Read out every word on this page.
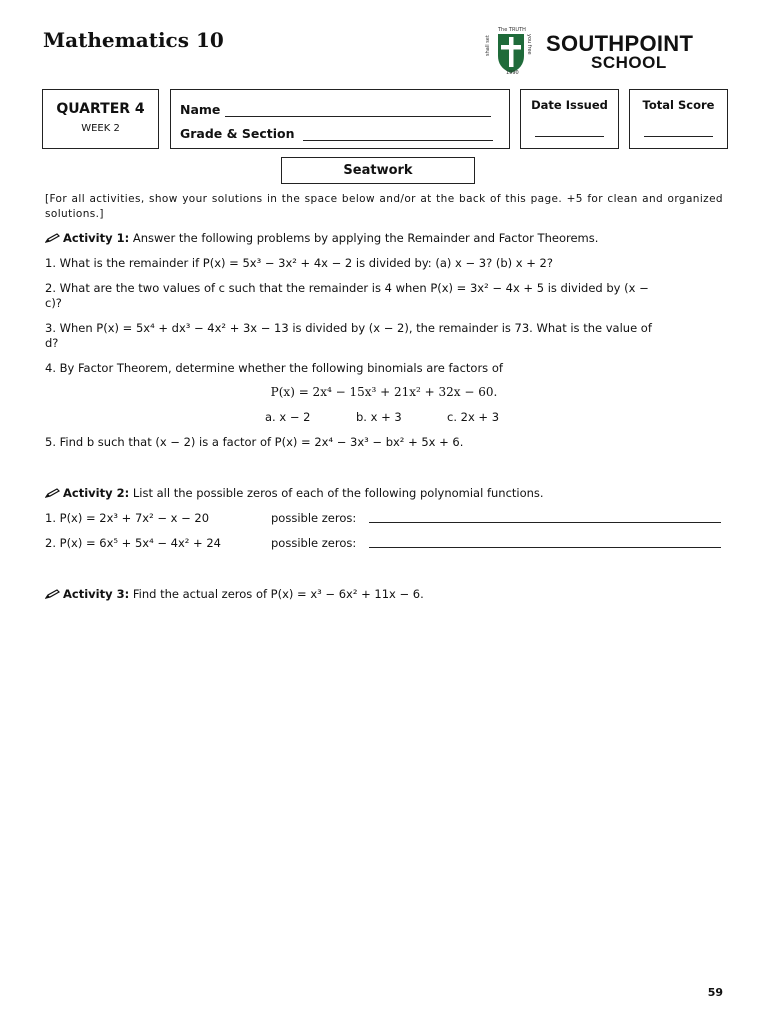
Mathematics 10	The TRUTH
shall set	you free
1990
SOUTHPOINT
SCHOOL
QUARTER 4
WEEK 2
Name
Grade & Section
Date Issued	Total Score
Seatwork
[For all activities, show your solutions in the space below and/or at the back of this page. +5 for clean and organized solutions.]
Activity 1: Answer the following problems by applying the Remainder and Factor Theorems.
1. What is the remainder if P(x) = 5x³ − 3x² + 4x − 2 is divided by: (a) x − 3? (b) x + 2?
2. What are the two values of c such that the remainder is 4 when P(x) = 3x² − 4x + 5 is divided by (x −
c)?
3. When P(x) = 5x⁴ + dx³ − 4x² + 3x − 13 is divided by (x − 2), the remainder is 73. What is the value of
d?
4. By Factor Theorem, determine whether the following binomials are factors of
P(x) = 2x⁴ − 15x³ + 21x² + 32x − 60.
a. x − 2	b. x + 3	c. 2x + 3
5. Find b such that (x − 2) is a factor of P(x) = 2x⁴ − 3x³ − bx² + 5x + 6.
Activity 2: List all the possible zeros of each of the following polynomial functions.
1. P(x) = 2x³ + 7x² − x − 20	possible zeros:
2. P(x) = 6x⁵ + 5x⁴ − 4x² + 24	possible zeros:
Activity 3: Find the actual zeros of P(x) = x³ − 6x² + 11x − 6.
59
